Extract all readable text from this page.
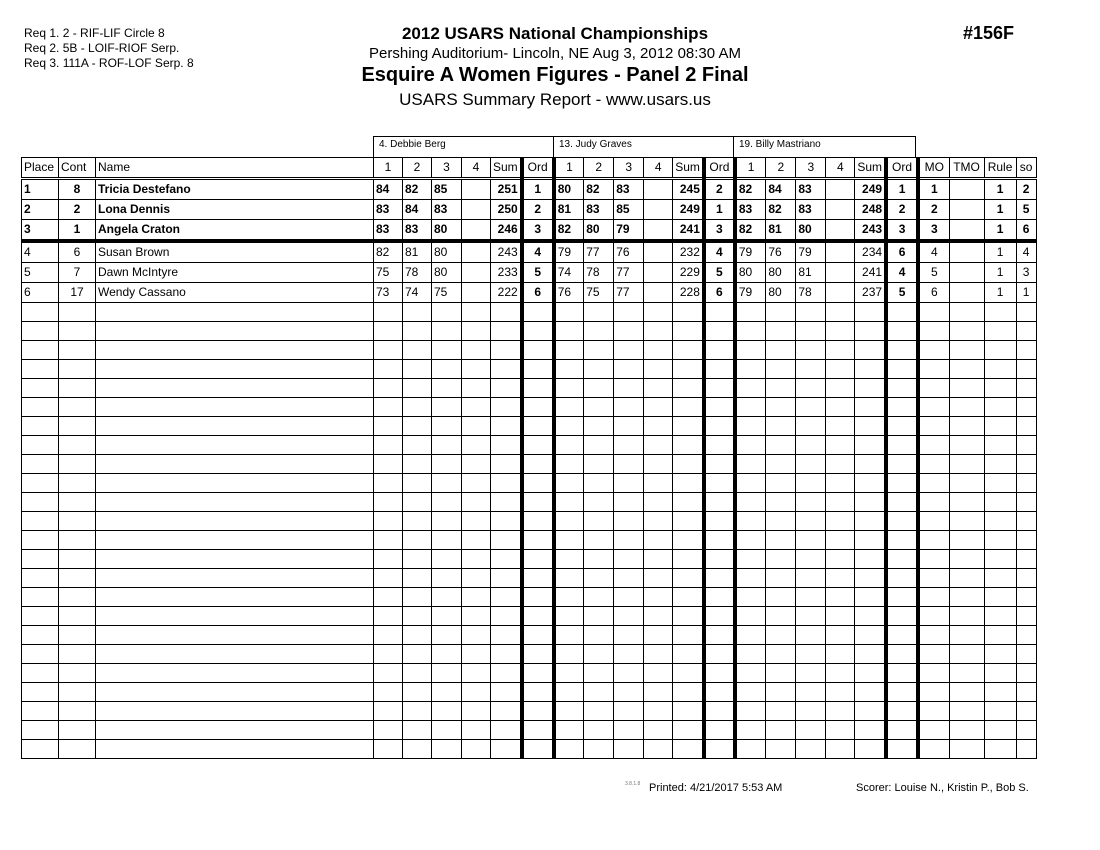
Req 1. 2 - RIF-LIF Circle 8
Req 2. 5B - LOIF-RIOF Serp.
Req 3. 111A - ROF-LOF Serp. 8
2012 USARS National Championships
Pershing Auditorium- Lincoln, NE Aug 3, 2012 08:30 AM
Esquire A Women Figures - Panel 2 Final
USARS Summary Report - www.usars.us
#156F
4. Debbie Berg	13. Judy Graves	19. Billy Mastriano
Place	Cont	Name	1	2	3	4	Sum	Ord	1	2	3	4	Sum	Ord	1	2	3	4	Sum	Ord	MO	TMO	Rule	so
1	8	Tricia Destefano	84	82	85		251	1	80	82	83		245	2	82	84	83		249	1	1		1	2
2	2	Lona Dennis	83	84	83		250	2	81	83	85		249	1	83	82	83		248	2	2		1	5
3	1	Angela Craton	83	83	80		246	3	82	80	79		241	3	82	81	80		243	3	3		1	6
4	6	Susan Brown	82	81	80		243	4	79	77	76		232	4	79	76	79		234	6	4		1	4
5	7	Dawn McIntyre	75	78	80		233	5	74	78	77		229	5	80	80	81		241	4	5		1	3
6	17	Wendy Cassano	73	74	75		222	6	76	75	77		228	6	79	80	78		237	5	6		1	1

3.8.1.8 Printed: 4/21/2017 5:53 AM	Scorer: Louise N., Kristin P., Bob S.
